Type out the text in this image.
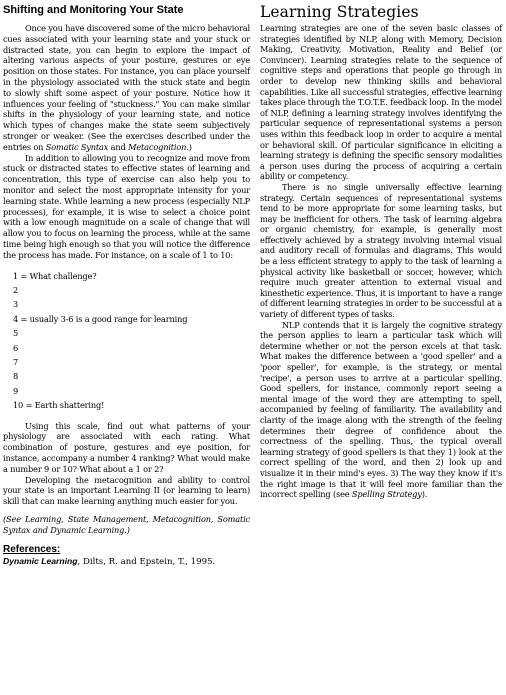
Shifting and Monitoring Your State

Once you have discovered some of the micro behavioral cues associated with your learning state and your stuck or distracted state, you can begin to explore the impact of altering various aspects of your posture, gestures or eye position on those states. For instance, you can place yourself in the physiology associated with the stuck state and begin to slowly shift some aspect of your posture. Notice how it influences your feeling of "stuckness." You can make similar shifts in the physiology of your learning state, and notice which types of changes make the state seem subjectively stronger or weaker. (See the exercises described under the entries on Somatic Syntax and Metacognition.)

In addition to allowing you to recognize and move from stuck or distracted states to effective states of learning and concentration, this type of exercise can also help you to monitor and select the most appropriate intensity for your learning state. While learning a new process (especially NLP processes), for example, it is wise to select a choice point with a low enough magnitude on a scale of change that will allow you to focus on learning the process, while at the same time being high enough so that you will notice the difference the process has made. For instance, on a scale of 1 to 10:

1 = What challenge?
2
3
4 = usually 3-6 is a good range for learning
5
6
7
8
9
10 = Earth shattering!

Using this scale, find out what patterns of your physiology are associated with each rating. What combination of posture, gestures and eye position, for instance, accompany a number 4 ranking? What would make a number 9 or 10? What about a 1 or 2?

Developing the metacognition and ability to control your state is an important Learning II (or learning to learn) skill that can make learning anything much easier for you.

(See Learning, State Management, Metacognition, Somatic Syntax and Dynamic Learning.)

References:

Dynamic Learning, Dilts, R. and Epstein, T., 1995.

Learning Strategies

Learning strategies are one of the seven basic classes of strategies identified by NLP, along with Memory, Decision Making, Creativity, Motivation, Reality and Belief (or Convincer). Learning strategies relate to the sequence of cognitive steps and operations that people go through in order to develop new thinking skills and behavioral capabilities. Like all successful strategies, effective learning takes place through the T.O.T.E. feedback loop. In the model of NLP, defining a learning strategy involves identifying the particular sequence of representational systems a person uses within this feedback loop in order to acquire a mental or behavioral skill. Of particular significance in eliciting a learning strategy is defining the specific sensory modalities a person uses during the process of acquiring a certain ability or competency.

There is no single universally effective learning strategy. Certain sequences of representational systems tend to be more appropriate for some learning tasks, but may be inefficient for others. The task of learning algebra or organic chemistry, for example, is generally most effectively achieved by a strategy involving internal visual and auditory recall of formulas and diagrams. This would be a less efficient strategy to apply to the task of learning a physical activity like basketball or soccer, however, which require much greater attention to external visual and kinesthetic experience. Thus, it is important to have a range of different learning strategies in order to be successful at a variety of different types of tasks.

NLP contends that it is largely the cognitive strategy the person applies to learn a particular task which will determine whether or not the person excels at that task. What makes the difference between a 'good speller' and a 'poor speller', for example, is the strategy, or mental 'recipe', a person uses to arrive at a particular spelling. Good spellers, for instance, commonly report seeing a mental image of the word they are attempting to spell, accompanied by feeling of familiarity. The availability and clarity of the image along with the strength of the feeling determines their degree of confidence about the correctness of the spelling. Thus, the typical overall learning strategy of good spellers is that they 1) look at the correct spelling of the word, and then 2) look up and visualize it in their mind's eyes. 3) The way they know if it's the right image is that it will feel more familiar than the incorrect spelling (see Spelling Strategy).
